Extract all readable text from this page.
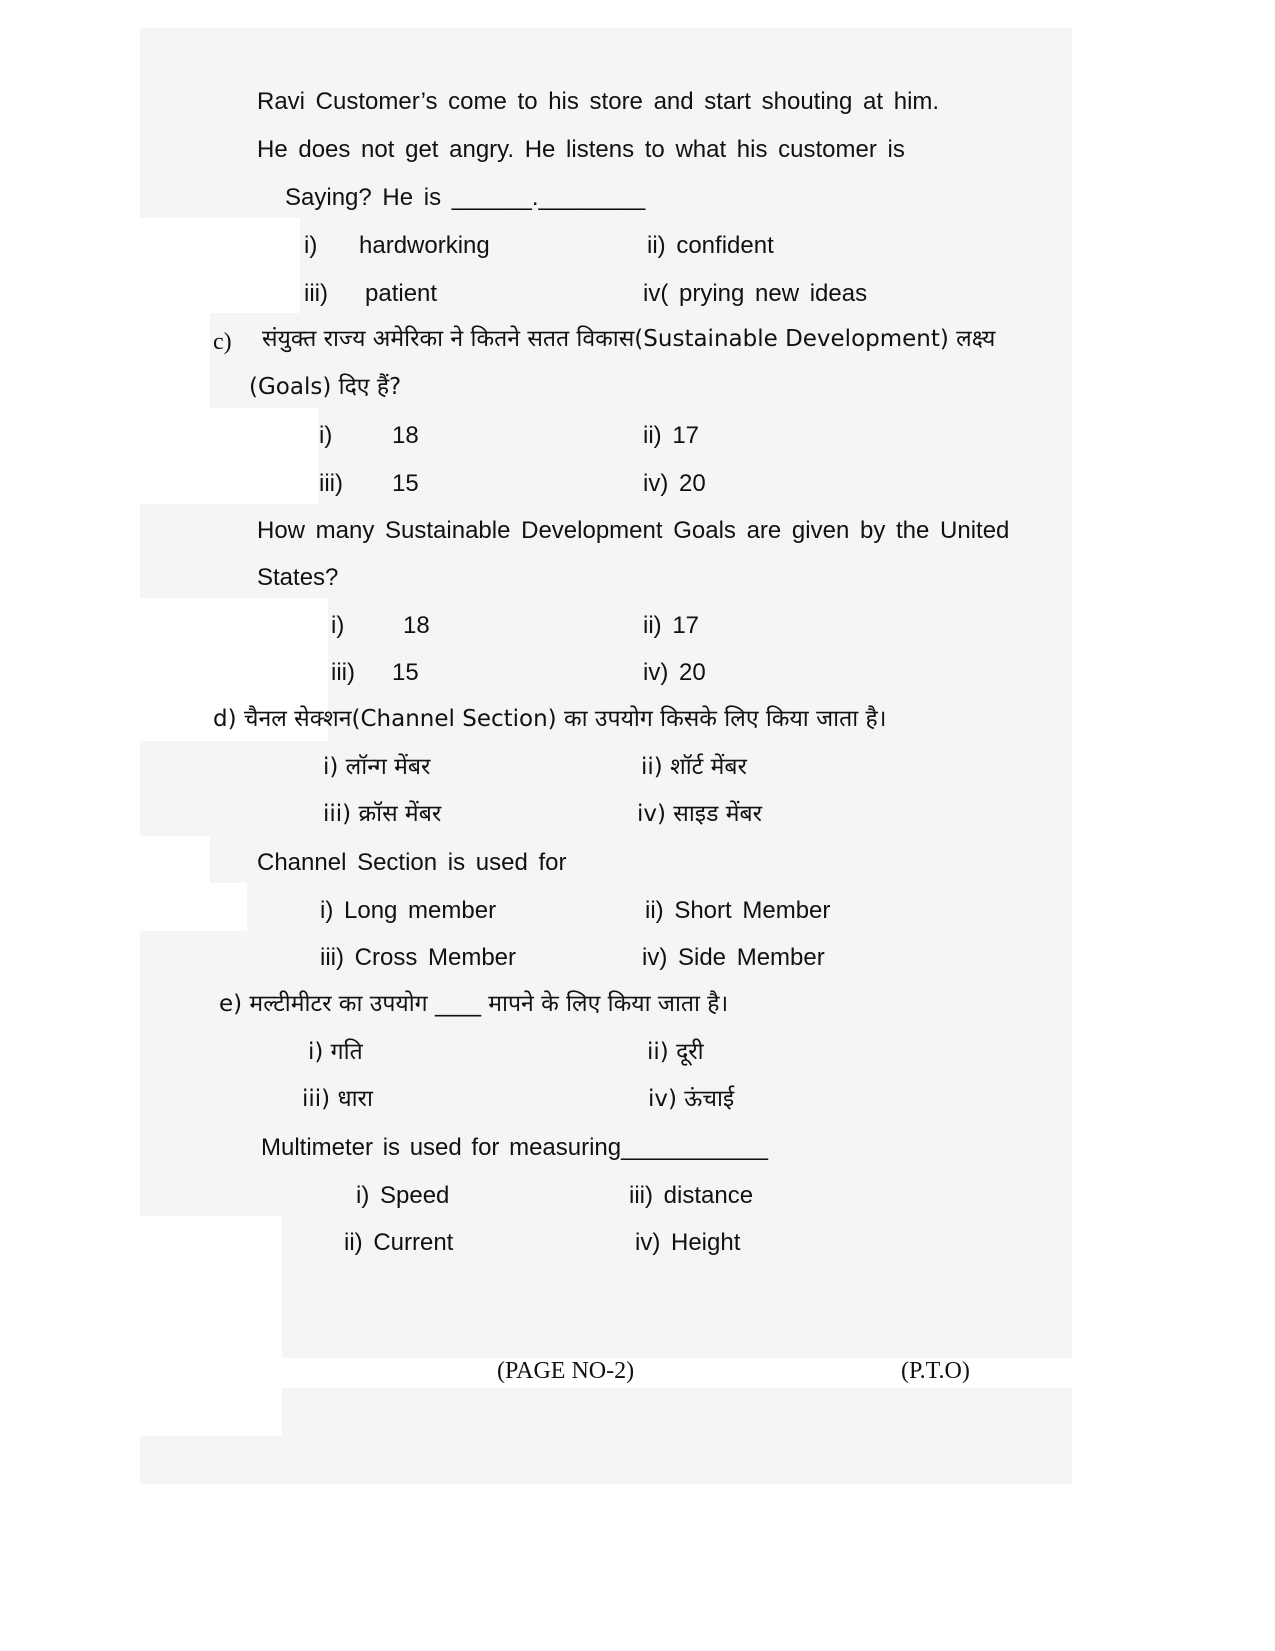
Ravi Customer’s come to his store and start shouting at him.
He does not get angry. He listens to what his customer is
Saying? He is ______.________
i) hardworking	ii) confident
iii) patient	iv( prying new ideas
c) संयुक्त राज्य अमेरिका ने कितने सतत विकास(Sustainable Development) लक्ष्य
(Goals) दिए हैं?
i) 18	ii) 17
iii) 15	iv) 20
How many Sustainable Development Goals are given by the United
States?
i) 18	ii) 17
iii) 15	iv) 20
d) चैनल सेक्शन(Channel Section) का उपयोग किसके लिए किया जाता है।
i) लॉन्ग मेंबर	ii) शॉर्ट मेंबर
iii) क्रॉस मेंबर	iv) साइड मेंबर
Channel Section is used for
i) Long member	ii) Short Member
iii) Cross Member	iv) Side Member
e) मल्टीमीटर का उपयोग ____ मापने के लिए किया जाता है।
i) गति	ii) दूरी
iii) धारा	iv) ऊंचाई
Multimeter is used for measuring___________
i) Speed	iii) distance
ii) Current	iv) Height
(PAGE NO-2)	(P.T.O)
